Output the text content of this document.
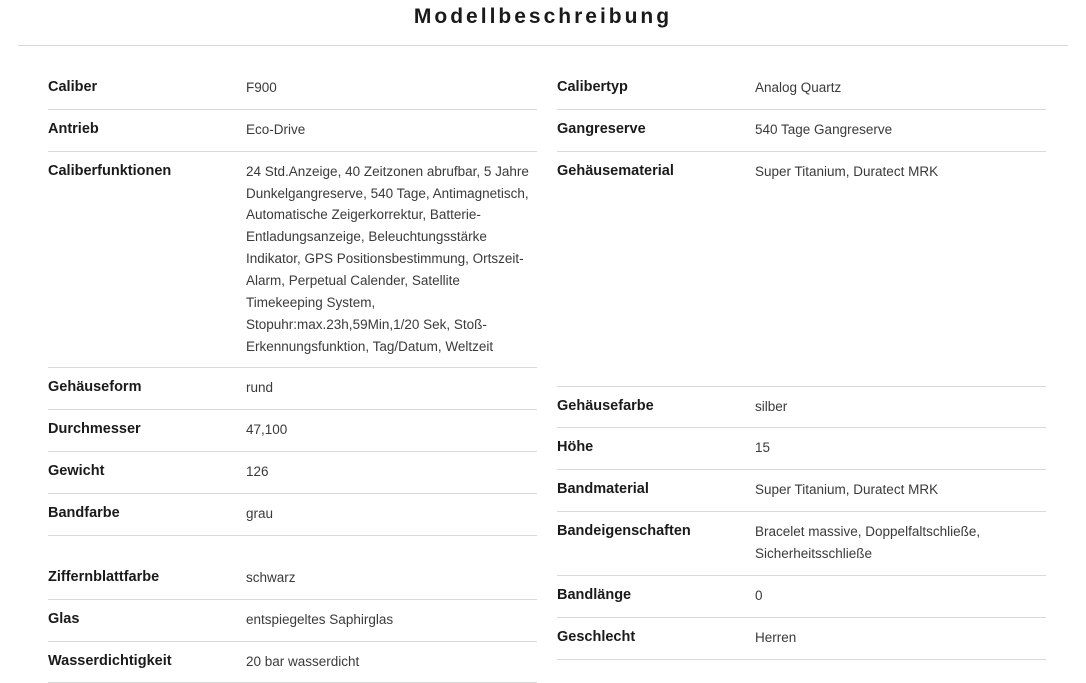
Modellbeschreibung
Caliber	F900
Antrieb	Eco-Drive
Caliberfunktionen	24 Std.Anzeige, 40 Zeitzonen abrufbar, 5 Jahre Dunkelgangreserve, 540 Tage, Antimagnetisch, Automatische Zeigerkorrektur, Batterie-Entladungsanzeige, Beleuchtungsstärke Indikator, GPS Positionsbestimmung, Ortszeit-Alarm, Perpetual Calender, Satellite Timekeeping System, Stopuhr:max.23h,59Min,1/20 Sek, Stoß-Erkennungsfunktion, Tag/Datum, Weltzeit
Gehäuseform	rund
Durchmesser	47,100
Gewicht	126
Bandfarbe	grau
Ziffernblattfarbe	schwarz
Glas	entspiegeltes Saphirglas
Wasserdichtigkeit	20 bar wasserdicht
Calibertyp	Analog Quartz
Gangreserve	540 Tage Gangreserve
Gehäusematerial	Super Titanium, Duratect MRK
Gehäusefarbe	silber
Höhe	15
Bandmaterial	Super Titanium, Duratect MRK
Bandeigenschaften	Bracelet massive, Doppelfaltschließe, Sicherheitsschließe
Bandlänge	0
Geschlecht	Herren
